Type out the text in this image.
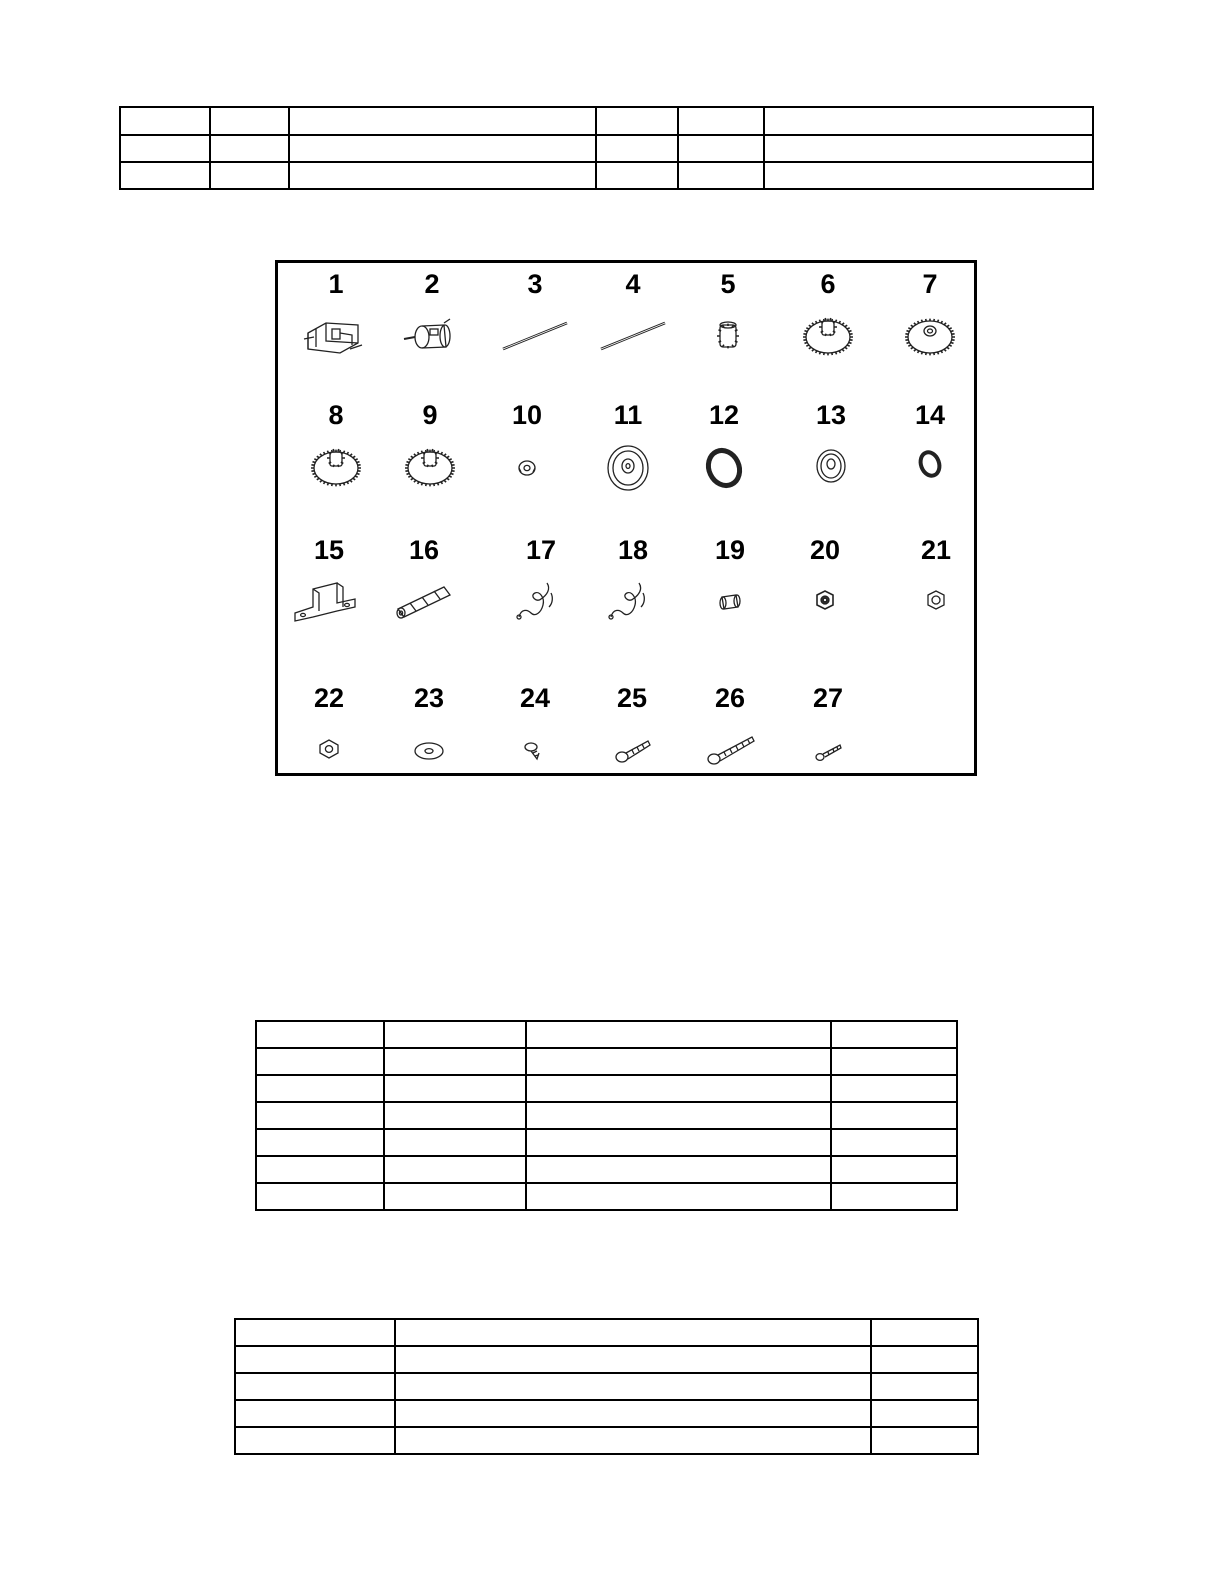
1	2	3	4	5	6	7
8	9	10	11	12	13	14
15	16	17	18	19	20	21
22	23	24	25	26	27
